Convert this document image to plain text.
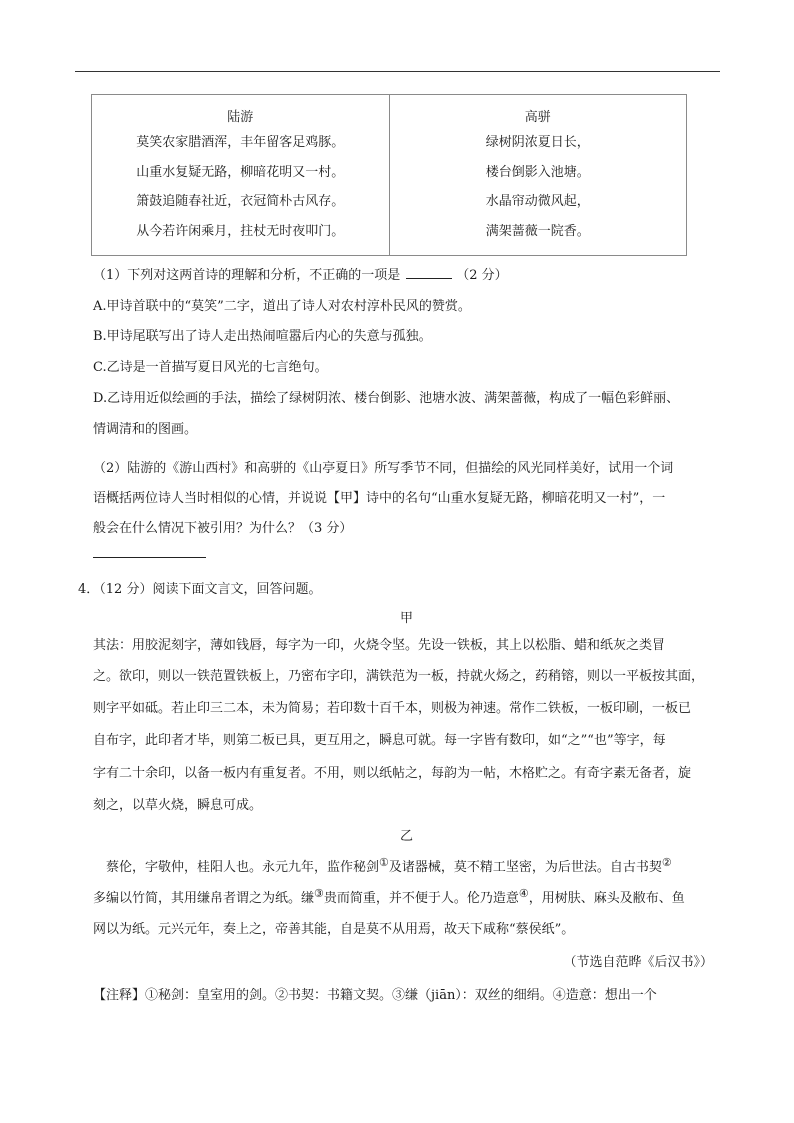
陆游
莫笑农家腊酒浑，丰年留客足鸡豚。
山重水复疑无路，柳暗花明又一村。
箫鼓追随春社近，衣冠简朴古风存。
从今若许闲乘月，拄杖无时夜叩门。
高骈
绿树阴浓夏日长，
楼台倒影入池塘。
水晶帘动微风起，
满架蔷薇一院香。
（1）下列对这两首诗的理解和分析，不正确的一项是	（2 分）
A.甲诗首联中的“莫笑”二字，道出了诗人对农村淳朴民风的赞赏。
B.甲诗尾联写出了诗人走出热闹喧嚣后内心的失意与孤独。
C.乙诗是一首描写夏日风光的七言绝句。
D.乙诗用近似绘画的手法，描绘了绿树阴浓、楼台倒影、池塘水波、满架蔷薇，构成了一幅色彩鲜丽、
情调清和的图画。
（2）陆游的《游山西村》和高骈的《山亭夏日》所写季节不同，但描绘的风光同样美好，试用一个词
语概括两位诗人当时相似的心情，并说说【甲】诗中的名句“山重水复疑无路，柳暗花明又一村”，一
般会在什么情况下被引用？为什么？（3 分）
4．（12 分）阅读下面文言文，回答问题。
甲
其法：用胶泥刻字，薄如钱唇，每字为一印，火烧令坚。先设一铁板，其上以松脂、蜡和纸灰之类冒
之。欲印，则以一铁范置铁板上，乃密布字印，满铁范为一板，持就火炀之，药稍镕，则以一平板按其面，
则字平如砥。若止印三二本，未为简易；若印数十百千本，则极为神速。常作二铁板，一板印刷，一板已
自布字，此印者才毕，则第二板已具，更互用之，瞬息可就。每一字皆有数印，如“之”“也”等字，每
字有二十余印，以备一板内有重复者。不用，则以纸帖之，每韵为一帖，木格贮之。有奇字素无备者，旋
刻之，以草火烧，瞬息可成。
乙
蔡伦，字敬仲，桂阳人也。永元九年，监作秘剑①及诸器械，莫不精工坚密，为后世法。自古书契②
多编以竹简，其用缣帛者谓之为纸。缣③贵而简重，并不便于人。伦乃造意④，用树肤、麻头及敝布、鱼
网以为纸。元兴元年，奏上之，帝善其能，自是莫不从用焉，故天下咸称“蔡侯纸”。
（节选自范晔《后汉书》）
【注释】①秘剑：皇室用的剑。②书契：书籍文契。③缣（jiān）：双丝的细绢。④造意：想出一个
